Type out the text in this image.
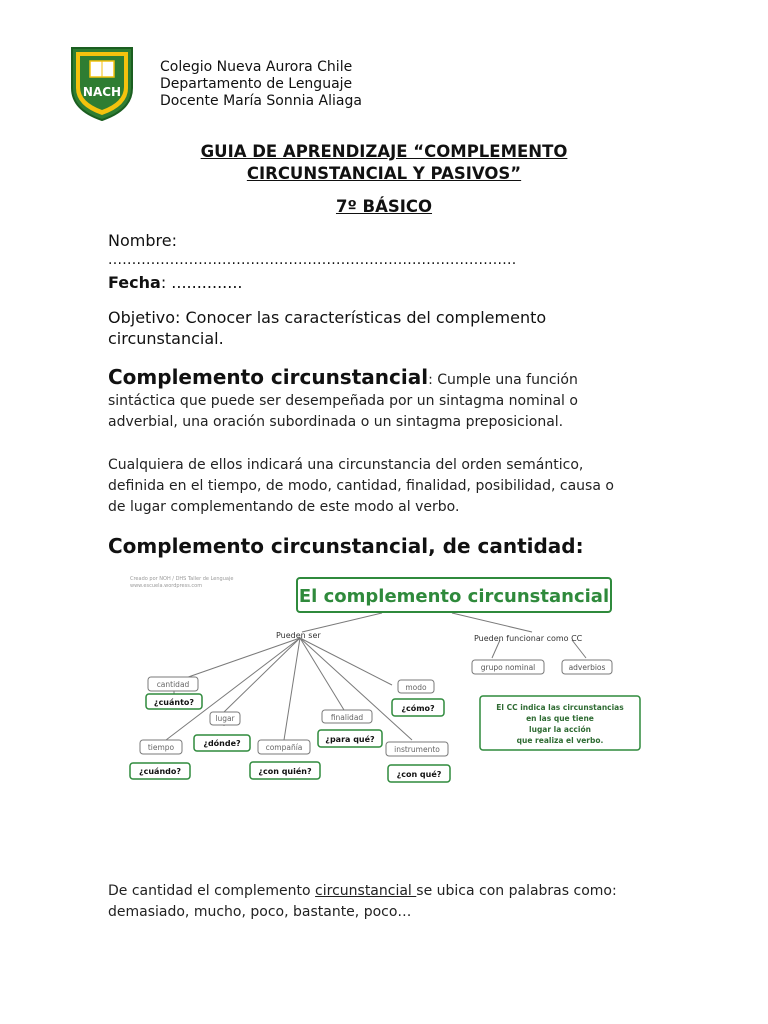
NACH
Colegio Nueva Aurora Chile
Departamento de Lenguaje
Docente María Sonnia Aliaga
GUIA DE APRENDIZAJE “COMPLEMENTO
CIRCUNSTANCIAL Y PASIVOS”
7º BÁSICO
Nombre:
......................................................................................
Fecha: ..............
Objetivo: Conocer las características del complemento
circunstancial.
Complemento circunstancial: Cumple una función
sintáctica que puede ser desempeñada por un sintagma nominal o
adverbial, una oración subordinada o un sintagma preposicional.
Cualquiera de ellos indicará una circunstancia del orden semántico,
definida en el tiempo, de modo, cantidad, finalidad, posibilidad, causa o
de lugar complementando de este modo al verbo.
Complemento circunstancial, de cantidad:
Creado por NOH / DHS Taller de Lenguaje
www.escuela.wordpress.com	El complemento circunstancial
Pueden ser	Pueden funcionar como CC
grupo nominal	adverbios
El CC indica las circunstancias
en las que tiene
lugar la acción
que realiza el verbo.
cantidad
¿cuánto?
lugar
¿dónde?
tiempo
¿cuándo?
compañía
¿con quién?
finalidad
¿para qué?
modo
¿cómo?
instrumento
¿con qué?
De cantidad el complemento circunstancial se ubica con palabras como:
demasiado, mucho, poco, bastante, poco…
